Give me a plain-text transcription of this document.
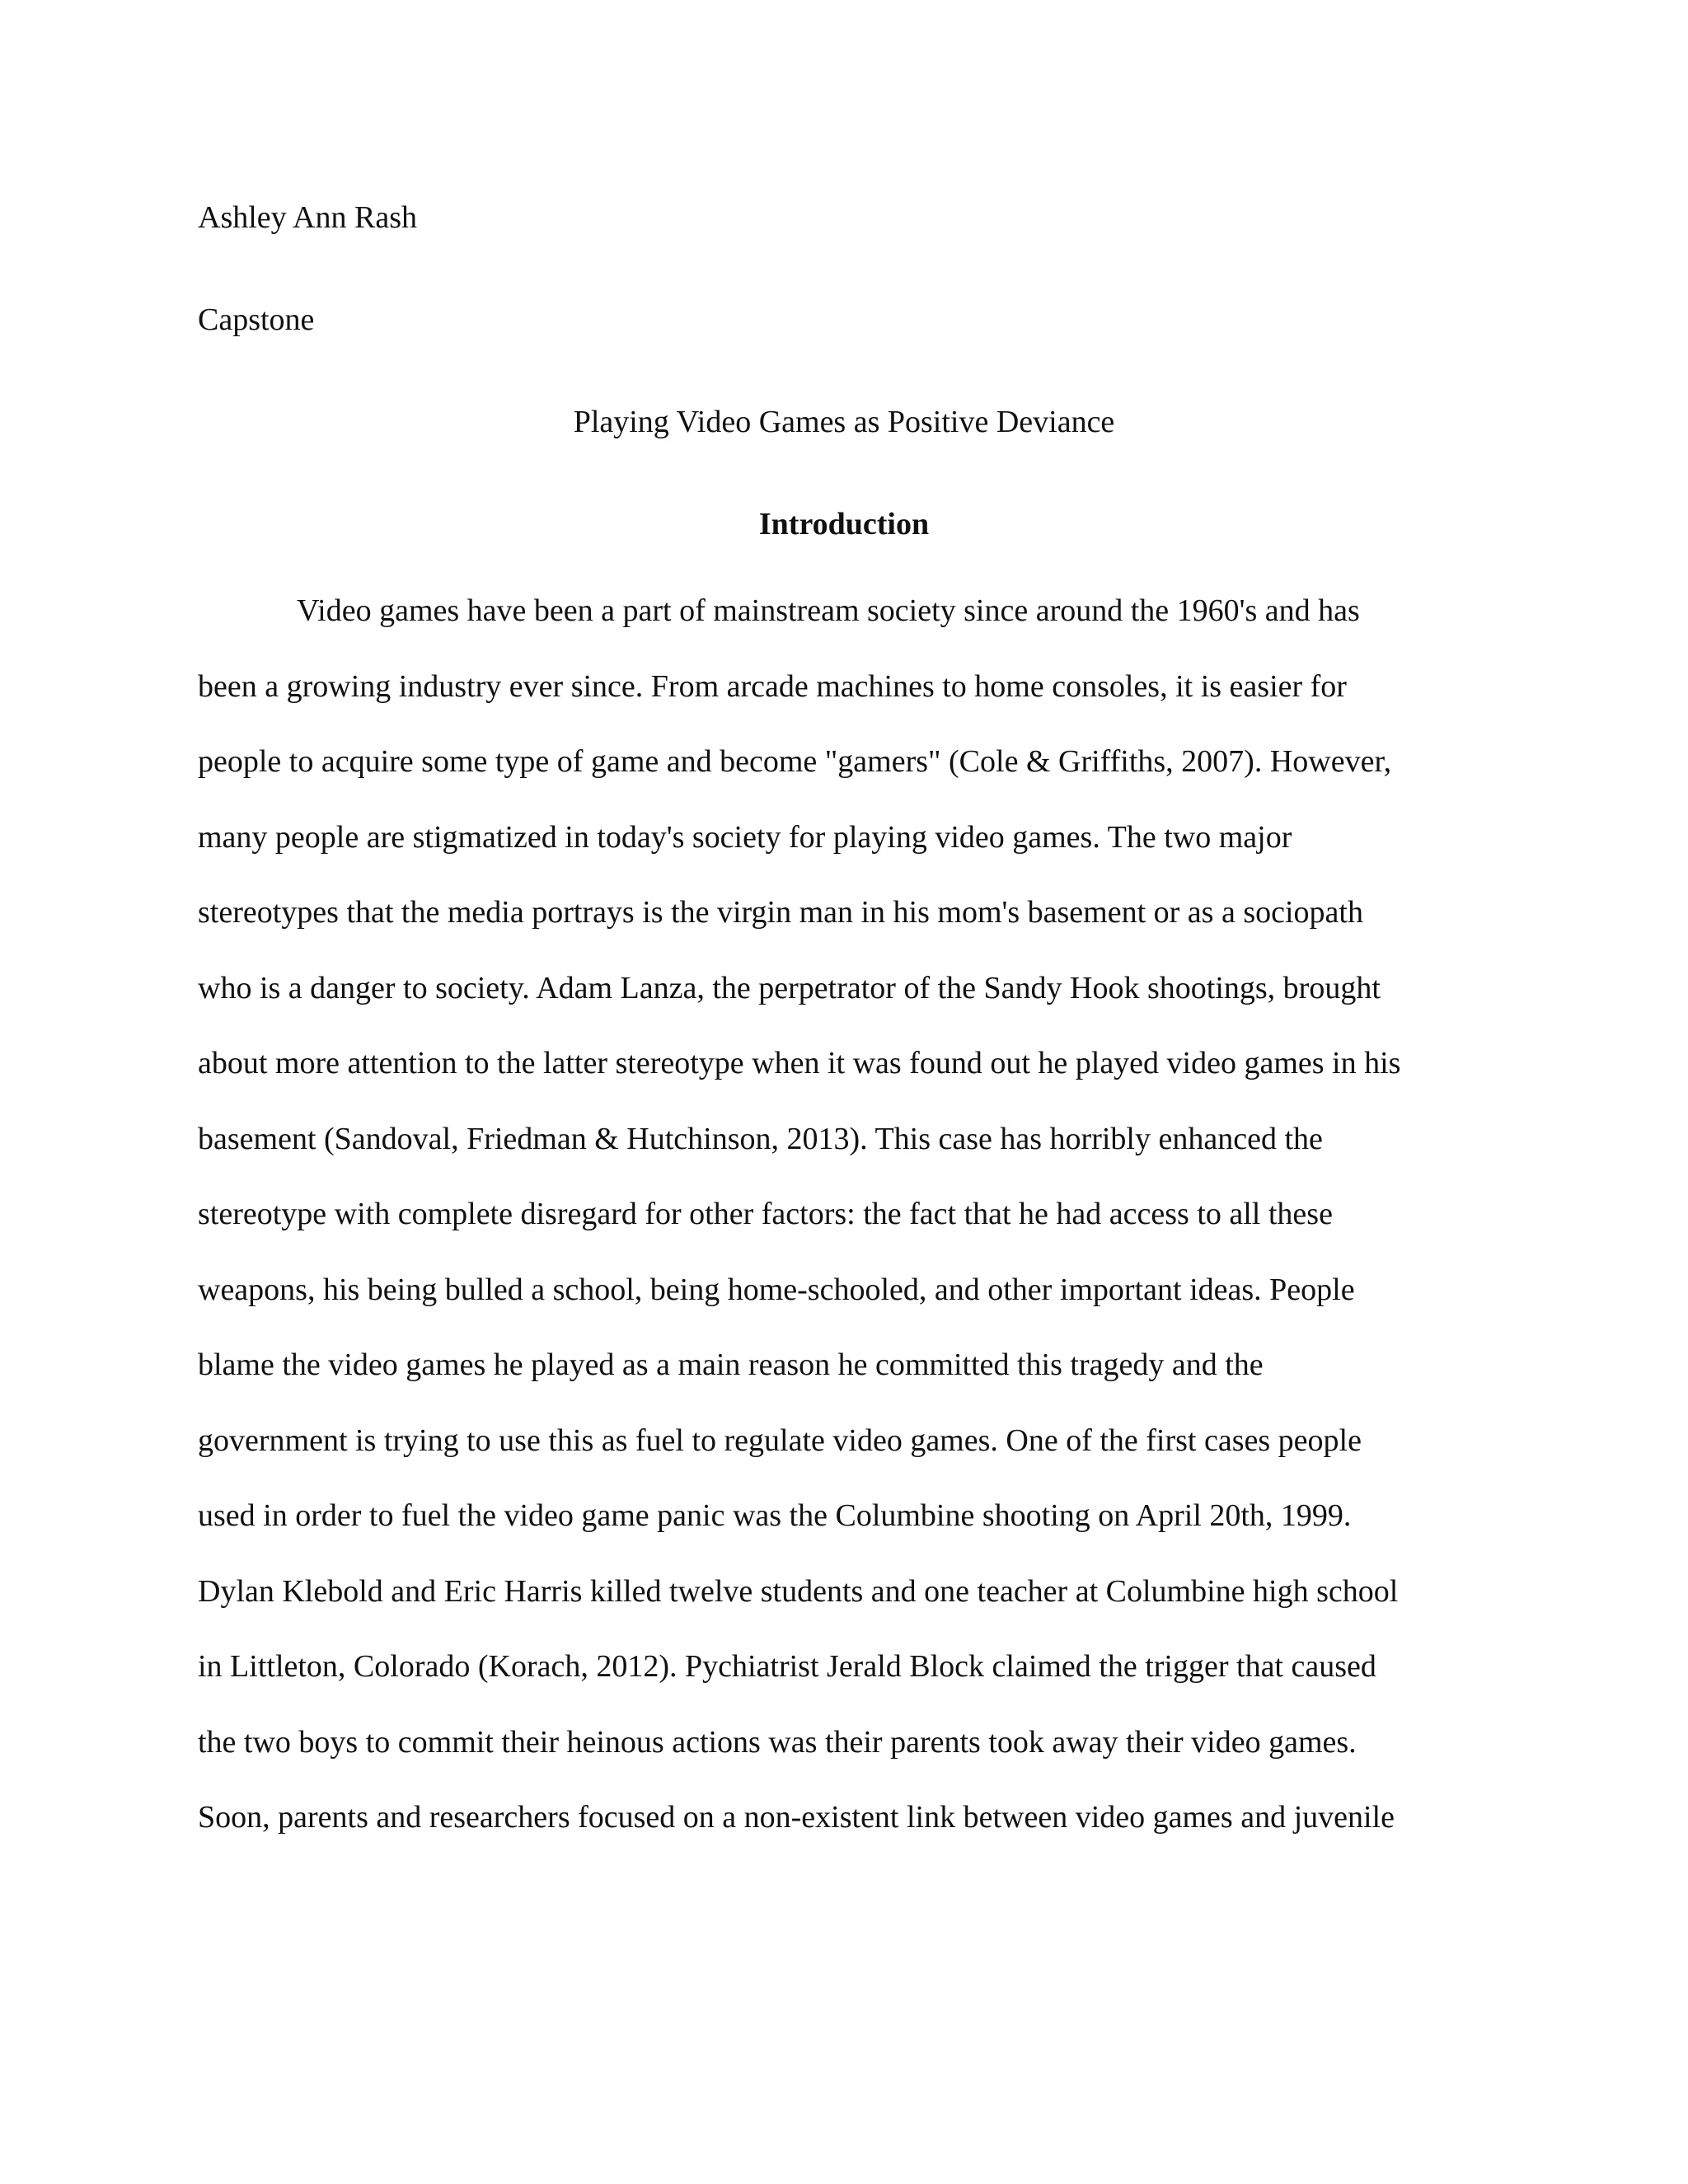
Ashley Ann Rash
Capstone
Playing Video Games as Positive Deviance
Introduction
Video games have been a part of mainstream society since around the 1960's and has
been a growing industry ever since. From arcade machines to home consoles, it is easier for
people to acquire some type of game and become "gamers" (Cole & Griffiths, 2007). However,
many people are stigmatized in today's society for playing video games. The two major
stereotypes that the media portrays is the virgin man in his mom's basement or as a sociopath
who is a danger to society. Adam Lanza, the perpetrator of the Sandy Hook shootings, brought
about more attention to the latter stereotype when it was found out he played video games in his
basement (Sandoval, Friedman & Hutchinson, 2013). This case has horribly enhanced the
stereotype with complete disregard for other factors: the fact that he had access to all these
weapons, his being bulled a school, being home-schooled, and other important ideas. People
blame the video games he played as a main reason he committed this tragedy and the
government is trying to use this as fuel to regulate video games. One of the first cases people
used in order to fuel the video game panic was the Columbine shooting on April 20th, 1999.
Dylan Klebold and Eric Harris killed twelve students and one teacher at Columbine high school
in Littleton, Colorado (Korach, 2012). Pychiatrist Jerald Block claimed the trigger that caused
the two boys to commit their heinous actions was their parents took away their video games.
Soon, parents and researchers focused on a non-existent link between video games and juvenile
